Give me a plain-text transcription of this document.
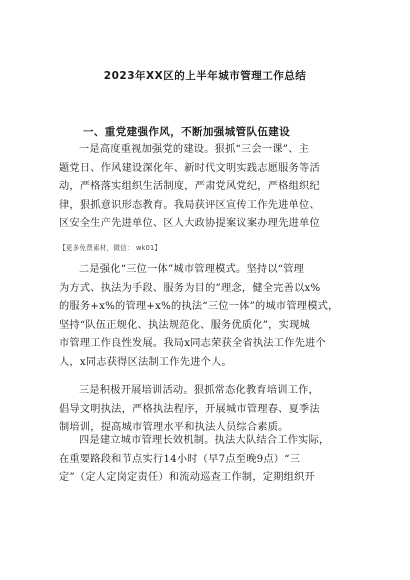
2023年XX区的上半年城市管理工作总结
一、重党建强作风，不断加强城管队伍建设
一是高度重视加强党的建设。狠抓“三会一课”、主
题党日、作风建设深化年、新时代文明实践志愿服务等活
动，严格落实组织生活制度，严肃党风党纪，严格组织纪
律，狠抓意识形态教育。我局获评区宣传工作先进单位、
区安全生产先进单位、区人大政协提案议案办理先进单位
【更多免费素材，微信： wk01】
二是强化“三位一体”城市管理模式。坚持以“管理
为方式、执法为手段、服务为目的”理念，健全完善以x%
的服务+x%的管理+x%的执法“三位一体”的城市管理模式，
坚持“队伍正规化、执法规范化、服务优质化”，实现城
市管理工作良性发展。我局x同志荣获全省执法工作先进个
人，x同志获得区法制工作先进个人。
三是积极开展培训活动。狠抓常态化教育培训工作，
倡导文明执法，严格执法程序，开展城市管理春、夏季法
制培训，提高城市管理水平和执法人员综合素质。
四是建立城市管理长效机制。执法大队结合工作实际，
在重要路段和节点实行14小时（早7点至晚9点）“三
定”（定人定岗定责任）和流动巡查工作制，定期组织开
